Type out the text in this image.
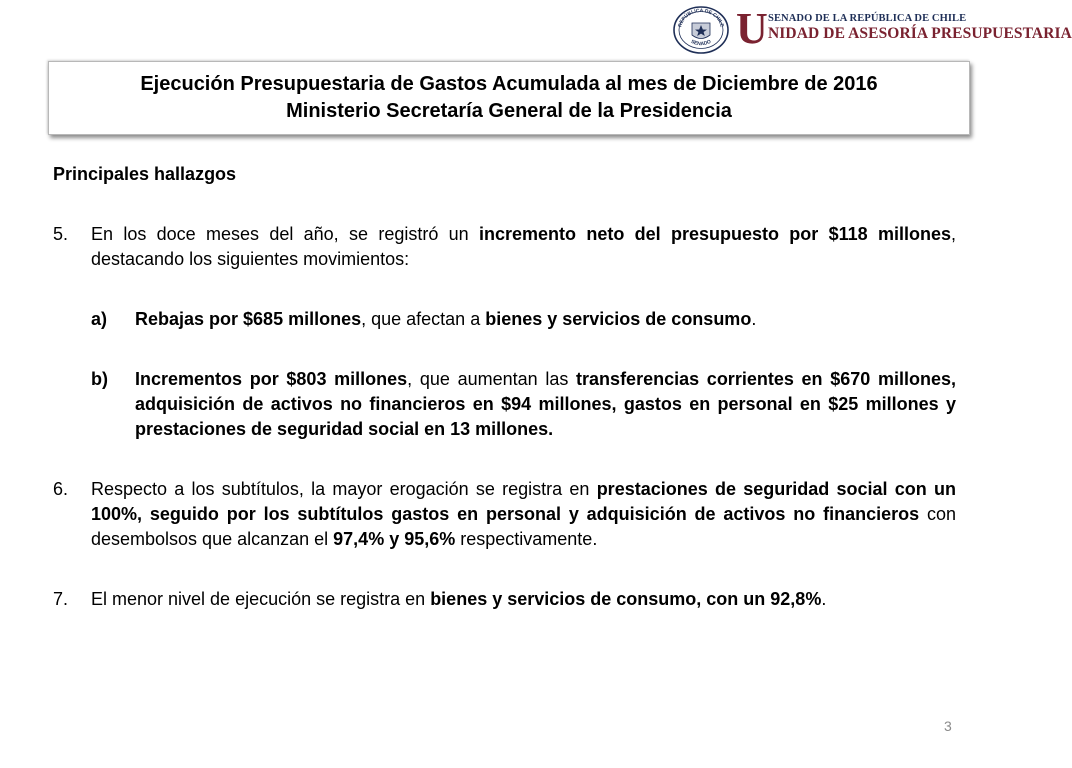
REPÚBLICA DE CHILE
SENADO U SENADO DE LA REPÚBLICA DE CHILE
NIDAD DE ASESORÍA PRESUPUESTARIA
Ejecución Presupuestaria de Gastos Acumulada al mes de Diciembre de 2016
Ministerio Secretaría General de la Presidencia
Principales hallazgos
5.	En los doce meses del año, se registró un incremento neto del presupuesto por $118 millones, destacando los siguientes movimientos:
a)	Rebajas por $685 millones, que afectan a bienes y servicios de consumo.
b)	Incrementos por $803 millones, que aumentan las transferencias corrientes en $670 millones, adquisición de activos no financieros en $94 millones, gastos en personal en $25 millones y prestaciones de seguridad social en 13 millones.
6.	Respecto a los subtítulos, la mayor erogación se registra en prestaciones de seguridad social con un 100%, seguido por los subtítulos gastos en personal y adquisición de activos no financieros con desembolsos que alcanzan el 97,4% y 95,6% respectivamente.
7.	El menor nivel de ejecución se registra en bienes y servicios de consumo, con un 92,8%.
3
